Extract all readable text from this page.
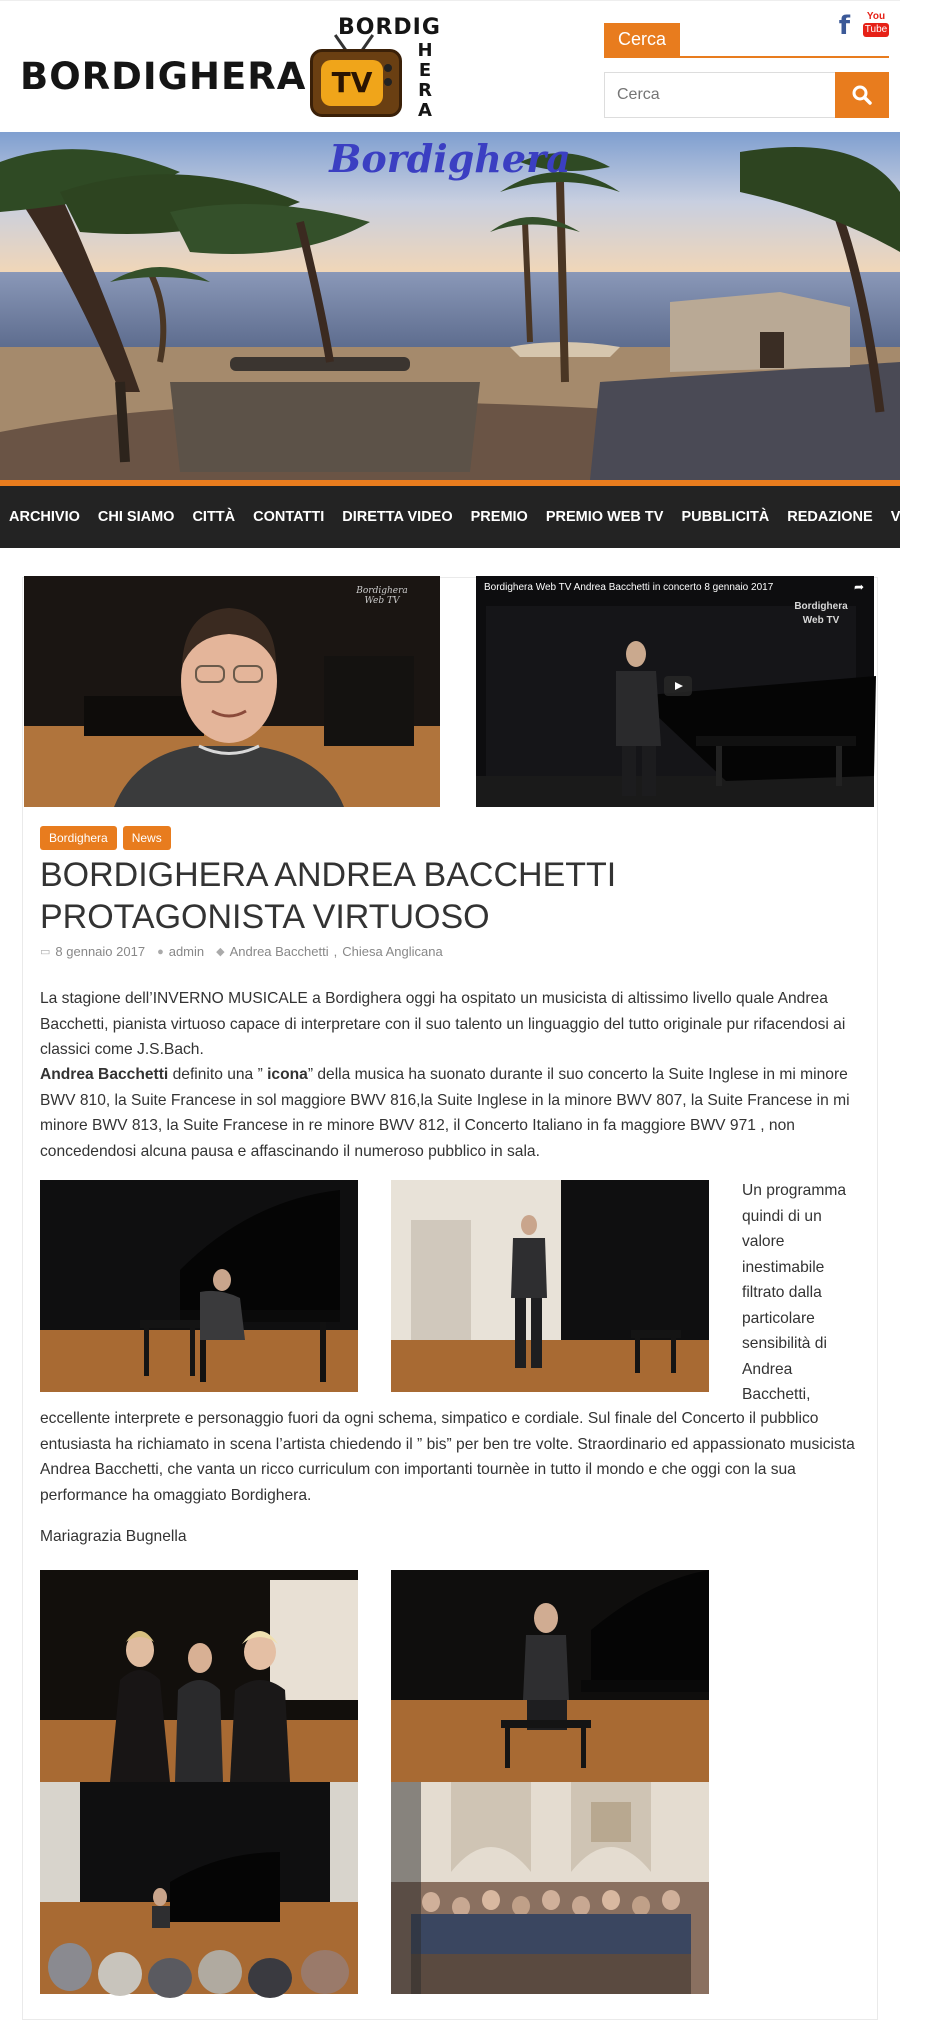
BORDIGHERA TV
BORDIG
HERA
f You
Tube
Cerca
Cerca
Bordighera
ARCHIVIO	CHI SIAMO	CITTÀ	CONTATTI	DIRETTA VIDEO	PREMIO	PREMIO WEB TV	PUBBLICITÀ	REDAZIONE	VIDEO
Bordighera Web TV
Bordighera Web TV Andrea Bacchetti in concerto 8 gennaio 2017	➦
Bordighera Web TV
Bordighera	News
BORDIGHERA ANDREA BACCHETTI PROTAGONISTA VIRTUOSO
▭ 8 gennaio 2017 ● admin ◆ Andrea Bacchetti , Chiesa Anglicana

La stagione dell’INVERNO MUSICALE a Bordighera oggi ha ospitato un musicista di altissimo livello quale Andrea Bacchetti, pianista virtuoso capace di interpretare con il suo talento un linguaggio del tutto originale pur rifacendosi ai classici come J.S.Bach.

Andrea Bacchetti definito una ” icona” della musica ha suonato durante il suo concerto la Suite Inglese in mi minore BWV 810, la Suite Francese in sol maggiore BWV 816,la Suite Inglese in la minore BWV 807, la Suite Francese in mi minore BWV 813, la Suite Francese in re minore BWV 812, il Concerto Italiano in fa maggiore BWV 971 , non concedendosi alcuna pausa e affascinando il numeroso pubblico in sala.

Un programma quindi di un valore inestimabile filtrato dalla particolare sensibilità di Andrea Bacchetti,

eccellente interprete e personaggio fuori da ogni schema, simpatico e cordiale. Sul finale del Concerto il pubblico entusiasta ha richiamato in scena l’artista chiedendo il ” bis” per ben tre volte. Straordinario ed appassionato musicista Andrea Bacchetti, che vanta un ricco curriculum con importanti tournèe in tutto il mondo e che oggi con la sua performance ha omaggiato Bordighera.

Mariagrazia Bugnella
